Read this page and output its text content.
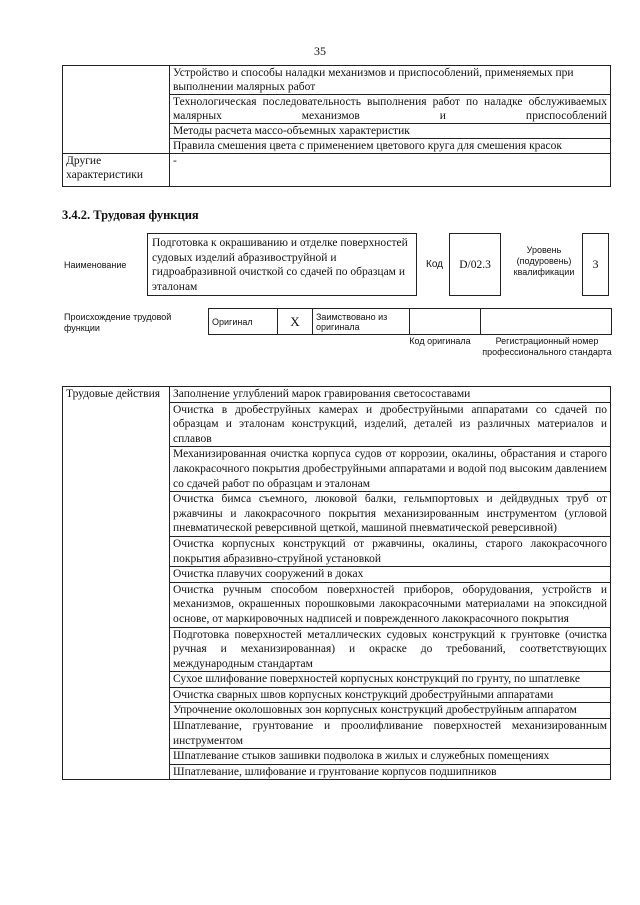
35
	Устройство и способы наладки механизмов и приспособлений, применяемых при выполнении малярных работ
	Технологическая последовательность выполнения работ по наладке обслуживаемых малярных механизмов и приспособлений
	Методы расчета массо-объемных характеристик
	Правила смешения цвета с применением цветового круга для смешения красок
Другие характеристики	-
3.4.2. Трудовая функция
Наименование
Подготовка к окрашиванию и отделке поверхностей судовых изделий абразивоструйной и гидроабразивной очисткой со сдачей по образцам и эталонам
Код	D/02.3
Уровень (подуровень) квалификации
3
Происхождение трудовой функции
Оригинал	X	Заимствовано из оригинала		
Код оригинала	Регистрационный номер профессионального стандарта
Трудовые действия	Заполнение углублений марок гравирования светосоставами
Очистка в дробеструйных камерах и дробеструйными аппаратами со сдачей по образцам и эталонам конструкций, изделий, деталей из различных материалов и сплавов
Механизированная очистка корпуса судов от коррозии, окалины, обрастания и старого лакокрасочного покрытия дробеструйными аппаратами и водой под высоким давлением со сдачей работ по образцам и эталонам
Очистка бимса съемного, люковой балки, гельмпортовых и дейдвудных труб от ржавчины и лакокрасочного покрытия механизированным инструментом (угловой пневматической реверсивной щеткой, машиной пневматической реверсивной)
Очистка корпусных конструкций от ржавчины, окалины, старого лакокрасочного покрытия абразивно-струйной установкой
Очистка плавучих сооружений в доках
Очистка ручным способом поверхностей приборов, оборудования, устройств и механизмов, окрашенных порошковыми лакокрасочными материалами на эпоксидной основе, от маркировочных надписей и поврежденного лакокрасочного покрытия
Подготовка поверхностей металлических судовых конструкций к грунтовке (очистка ручная и механизированная) и окраске до требований, соответствующих международным стандартам
Сухое шлифование поверхностей корпусных конструкций по грунту, по шпатлевке
Очистка сварных швов корпусных конструкций дробеструйными аппаратами
Упрочнение околошовных зон корпусных конструкций дробеструйным аппаратом
Шпатлевание, грунтование и проолифливание поверхностей механизированным инструментом
Шпатлевание стыков зашивки подволока в жилых и служебных помещениях
Шпатлевание, шлифование и грунтование корпусов подшипников
